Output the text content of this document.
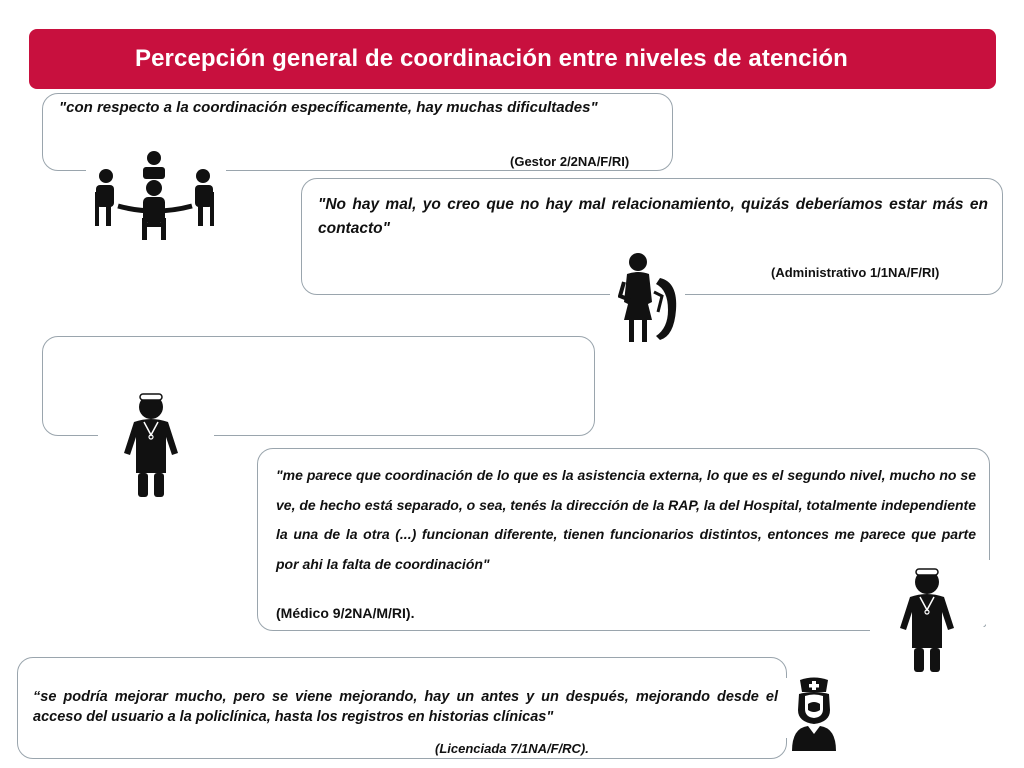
Percepción general de coordinación entre niveles de atención

"con respecto a la coordinación específicamente, hay muchas dificultades"

(Gestor 2/2NA/F/RI)

"No hay mal, yo creo que no hay mal relacionamiento, quizás deberíamos estar más en contacto"

(Administrativo 1/1NA/F/RI)

"me parece que coordinación de lo que es la asistencia externa, lo que es el segundo nivel, mucho no se ve, de hecho está separado, o sea, tenés la dirección de la RAP, la del Hospital, totalmente independiente la una de la otra (...) funcionan diferente, tienen funcionarios distintos, entonces me parece que parte por ahi la falta de coordinación"

(Médico 9/2NA/M/RI).

“se podría mejorar mucho, pero se viene mejorando, hay un antes y un después, mejorando desde el acceso del usuario a la policlínica, hasta los registros en historias clínicas"

(Licenciada 7/1NA/F/RC).
